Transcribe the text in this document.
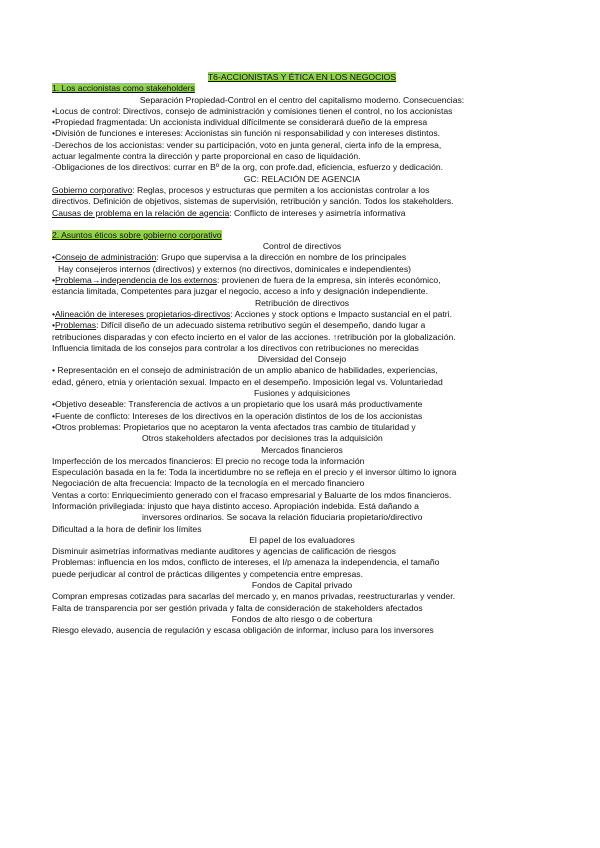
T6-ACCIONISTAS Y ÉTICA EN LOS NEGOCIOS
1. Los accionistas como stakeholders
Separación Propiedad-Control en el centro del capitalismo moderno. Consecuencias:
•Locus de control: Directivos, consejo de administración y comisiones tienen el control, no los accionistas
•Propiedad fragmentada: Un accionista individual difícilmente se considerará dueño de la empresa
•División de funciones e intereses: Accionistas sin función ni responsabilidad y con intereses distintos.
-Derechos de los accionistas: vender su participación, voto en junta general, cierta info de la empresa,
actuar legalmente contra la dirección y parte proporcional en caso de liquidación.
-Obligaciones de los directivos: currar en Bº de la org, con profe.dad, eficiencia, esfuerzo y dedicación.
GC: RELACIÓN DE AGENCIA
Gobierno corporativo: Reglas, procesos y estructuras que permiten a los accionistas controlar a los
directivos. Definición de objetivos, sistemas de supervisión, retribución y sanción. Todos los stakeholders.
Causas de problema en la relación de agencia: Conflicto de intereses y asimetría informativa
2. Asuntos éticos sobre gobierno corporativo
Control de directivos
•Consejo de administración: Grupo que supervisa a la dirección en nombre de los principales
Hay consejeros internos (directivos) y externos (no directivos, dominicales e independientes)
•Problema→independencia de los externos: provienen de fuera de la empresa, sin interés económico,
estancia limitada, Competentes para juzgar el negocio, acceso a info y designación independiente.
Retribución de directivos
•Alineación de intereses propietarios-directivos: Acciones y stock options e Impacto sustancial en el patri.
•Problemas: Difícil diseño de un adecuado sistema retributivo según el desempeño, dando lugar a
retribuciones disparadas y con efecto incierto en el valor de las acciones. ↑retribución por la globalización.
Influencia limitada de los consejos para controlar a los directivos con retribuciones no merecidas
Diversidad del Consejo
• Representación en el consejo de administración de un amplio abanico de habilidades, experiencias,
edad, género, etnia y orientación sexual. Impacto en el desempeño. Imposición legal vs. Voluntariedad
Fusiones y adquisiciones
•Objetivo deseable: Transferencia de activos a un propietario que los usará más productivamente
•Fuente de conflicto: Intereses de los directivos en la operación distintos de los de los accionistas
•Otros problemas: Propietarios que no aceptaron la venta afectados tras cambio de titularidad y
Otros stakeholders afectados por decisiones tras la adquisición
Mercados financieros
Imperfección de los mercados financieros: El precio no recoge toda la información
Especulación basada en la fe: Toda la incertidumbre no se refleja en el precio y el inversor último lo ignora
Negociación de alta frecuencia: Impacto de la tecnología en el mercado financiero
Ventas a corto: Enriquecimiento generado con el fracaso empresarial y Baluarte de los mdos financieros.
Información privilegiada: injusto que haya distinto acceso. Apropiación indebida. Está dañando a
inversores ordinarios. Se socava la relación fiduciaria propietario/directivo
Dificultad a la hora de definir los límites
El papel de los evaluadores
Disminuir asimetrías informativas mediante auditores y agencias de calificación de riesgos
Problemas: influencia en los mdos, conflicto de intereses, el I/p amenaza la independencia, el tamaño
puede perjudicar al control de prácticas diligentes y competencia entre empresas.
Fondos de Capital privado
Compran empresas cotizadas para sacarlas del mercado y, en manos privadas, reestructurarlas y vender.
Falta de transparencia por ser gestión privada y falta de consideración de stakeholders afectados
Fondos de alto riesgo o de cobertura
Riesgo elevado, ausencia de regulación y escasa obligación de informar, incluso para los inversores
